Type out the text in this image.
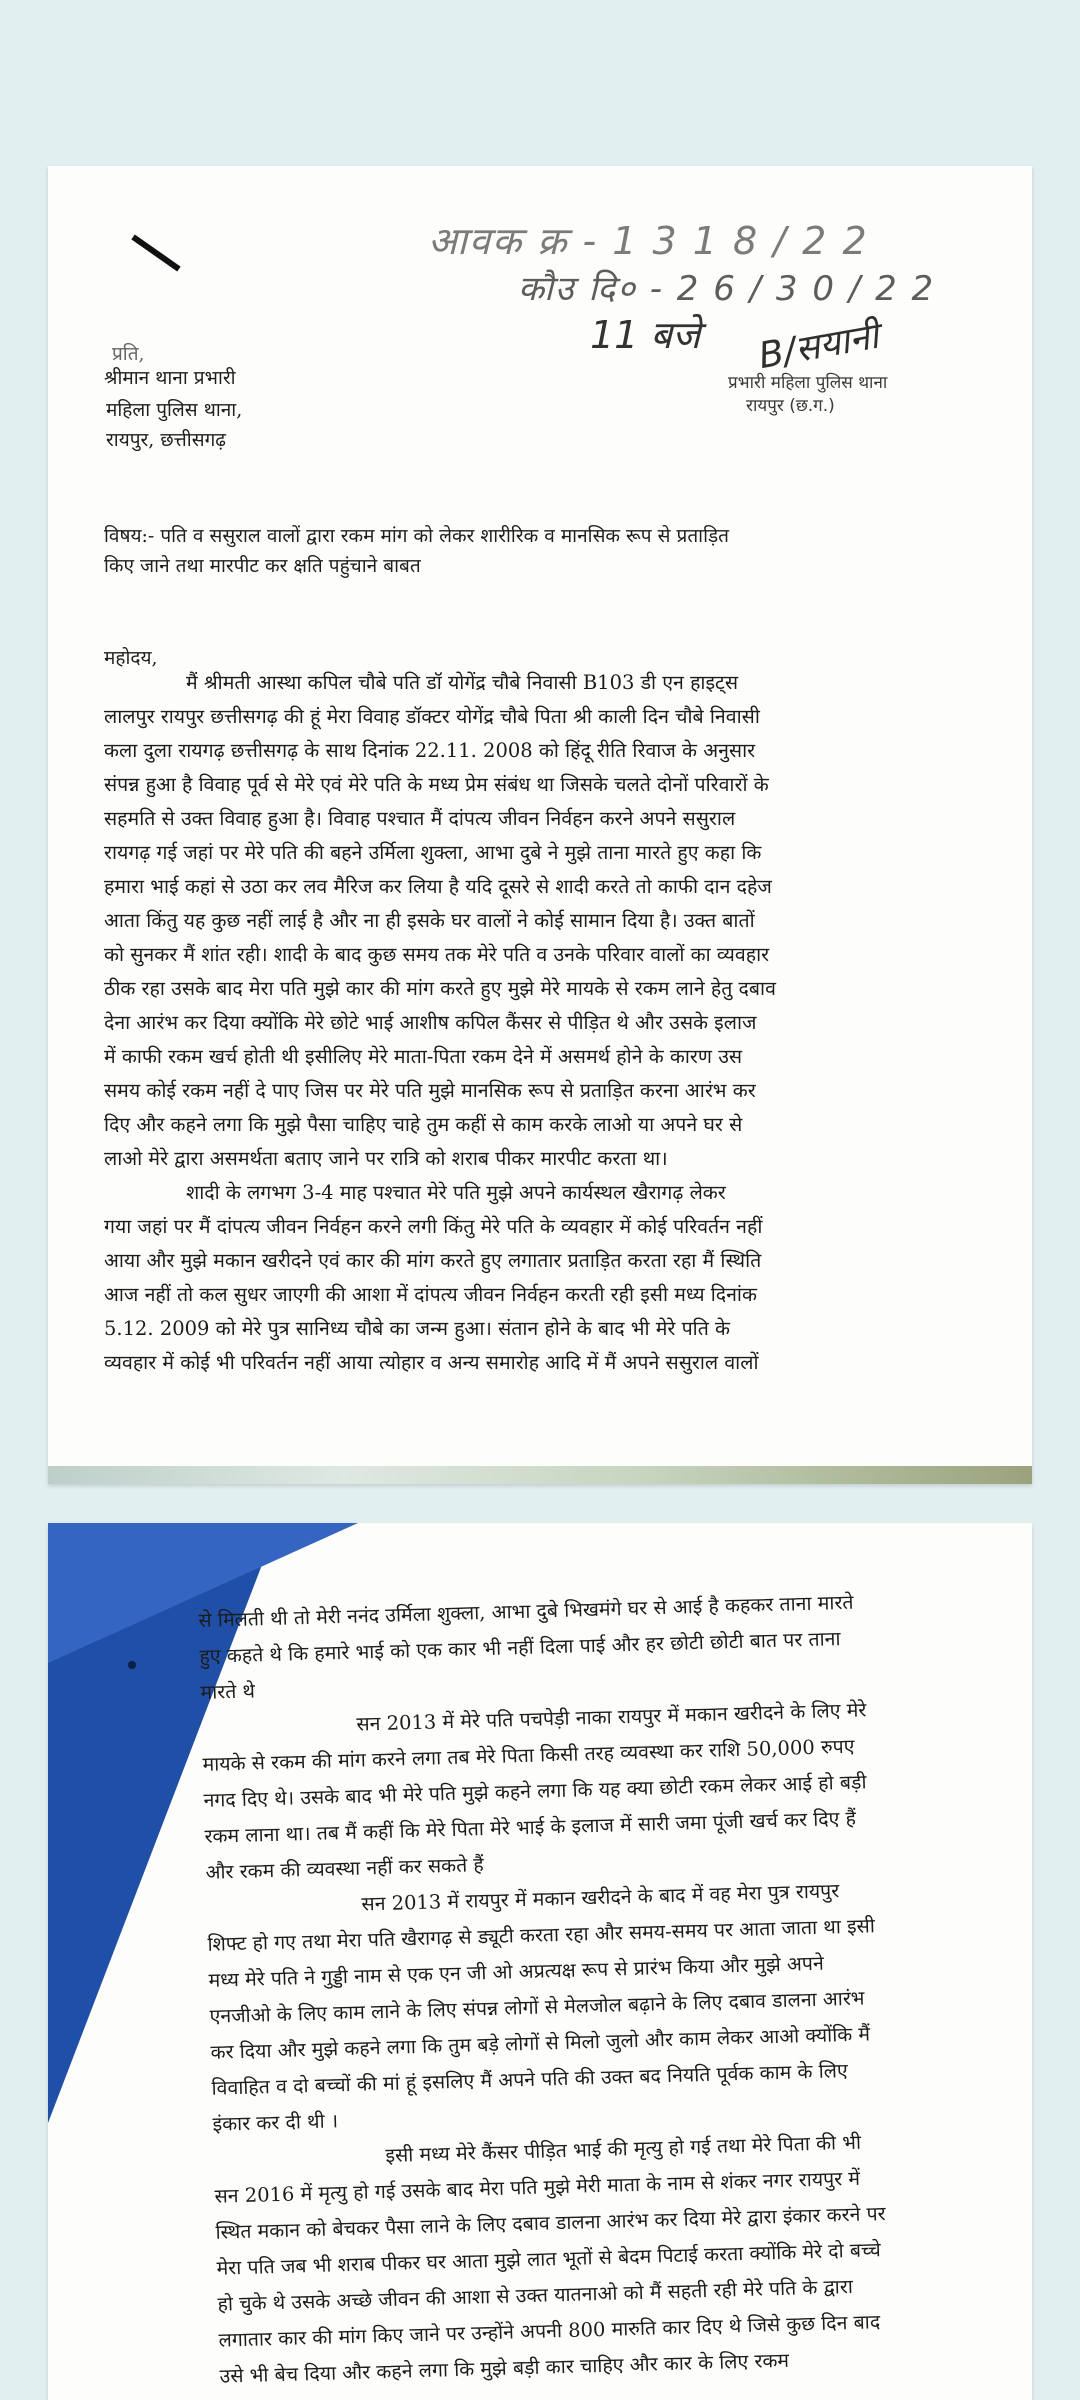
आवक क्र - 1 3 1 8 / 2 2
कौउ दि० - 2 6 / 3 0 / 2 2
11 बजे B/सयानी
प्रभारी महिला पुलिस थाना
रायपुर (छ.ग.)
प्रति,
श्रीमान थाना प्रभारी
महिला पुलिस थाना,
रायपुर, छत्तीसगढ़
विषय:- पति व ससुराल वालों द्वारा रकम मांग को लेकर शारीरिक व मानसिक रूप से प्रताड़ित
किए जाने तथा मारपीट कर क्षति पहुंचाने बाबत
महोदय,
मैं श्रीमती आस्था कपिल चौबे पति डॉ योगेंद्र चौबे निवासी B103 डी एन हाइट्स
लालपुर रायपुर छत्तीसगढ़ की हूं मेरा विवाह डॉक्टर योगेंद्र चौबे पिता श्री काली दिन चौबे निवासी
कला दुला रायगढ़ छत्तीसगढ़ के साथ दिनांक 22.11. 2008 को हिंदू रीति रिवाज के अनुसार
संपन्न हुआ है विवाह पूर्व से मेरे एवं मेरे पति के मध्य प्रेम संबंध था जिसके चलते दोनों परिवारों के
सहमति से उक्त विवाह हुआ है। विवाह पश्चात मैं दांपत्य जीवन निर्वहन करने अपने ससुराल
रायगढ़ गई जहां पर मेरे पति की बहने उर्मिला शुक्ला, आभा दुबे ने मुझे ताना मारते हुए कहा कि
हमारा भाई कहां से उठा कर लव मैरिज कर लिया है यदि दूसरे से शादी करते तो काफी दान दहेज
आता किंतु यह कुछ नहीं लाई है और ना ही इसके घर वालों ने कोई सामान दिया है। उक्त बातों
को सुनकर मैं शांत रही। शादी के बाद कुछ समय तक मेरे पति व उनके परिवार वालों का व्यवहार
ठीक रहा उसके बाद मेरा पति मुझे कार की मांग करते हुए मुझे मेरे मायके से रकम लाने हेतु दबाव
देना आरंभ कर दिया क्योंकि मेरे छोटे भाई आशीष कपिल कैंसर से पीड़ित थे और उसके इलाज
में काफी रकम खर्च होती थी इसीलिए मेरे माता-पिता रकम देने में असमर्थ होने के कारण उस
समय कोई रकम नहीं दे पाए जिस पर मेरे पति मुझे मानसिक रूप से प्रताड़ित करना आरंभ कर
दिए और कहने लगा कि मुझे पैसा चाहिए चाहे तुम कहीं से काम करके लाओ या अपने घर से
लाओ मेरे द्वारा असमर्थता बताए जाने पर रात्रि को शराब पीकर मारपीट करता था।
शादी के लगभग 3-4 माह पश्चात मेरे पति मुझे अपने कार्यस्थल खैरागढ़ लेकर
गया जहां पर मैं दांपत्य जीवन निर्वहन करने लगी किंतु मेरे पति के व्यवहार में कोई परिवर्तन नहीं
आया और मुझे मकान खरीदने एवं कार की मांग करते हुए लगातार प्रताड़ित करता रहा मैं स्थिति
आज नहीं तो कल सुधर जाएगी की आशा में दांपत्य जीवन निर्वहन करती रही इसी मध्य दिनांक
5.12. 2009 को मेरे पुत्र सानिध्य चौबे का जन्म हुआ। संतान होने के बाद भी मेरे पति के
व्यवहार में कोई भी परिवर्तन नहीं आया त्योहार व अन्य समारोह आदि में मैं अपने ससुराल वालों
से मिलती थी तो मेरी ननंद उर्मिला शुक्ला, आभा दुबे भिखमंगे घर से आई है कहकर ताना मारते
हुए कहते थे कि हमारे भाई को एक कार भी नहीं दिला पाई और हर छोटी छोटी बात पर ताना
मारते थे
सन 2013 में मेरे पति पचपेड़ी नाका रायपुर में मकान खरीदने के लिए मेरे
मायके से रकम की मांग करने लगा तब मेरे पिता किसी तरह व्यवस्था कर राशि 50,000 रुपए
नगद दिए थे। उसके बाद भी मेरे पति मुझे कहने लगा कि यह क्या छोटी रकम लेकर आई हो बड़ी
रकम लाना था। तब मैं कहीं कि मेरे पिता मेरे भाई के इलाज में सारी जमा पूंजी खर्च कर दिए हैं
और रकम की व्यवस्था नहीं कर सकते हैं
सन 2013 में रायपुर में मकान खरीदने के बाद में वह मेरा पुत्र रायपुर
शिफ्ट हो गए तथा मेरा पति खैरागढ़ से ड्यूटी करता रहा और समय-समय पर आता जाता था इसी
मध्य मेरे पति ने गुड्डी नाम से एक एन जी ओ अप्रत्यक्ष रूप से प्रारंभ किया और मुझे अपने
एनजीओ के लिए काम लाने के लिए संपन्न लोगों से मेलजोल बढ़ाने के लिए दबाव डालना आरंभ
कर दिया और मुझे कहने लगा कि तुम बड़े लोगों से मिलो जुलो और काम लेकर आओ क्योंकि मैं
विवाहित व दो बच्चों की मां हूं इसलिए मैं अपने पति की उक्त बद नियति पूर्वक काम के लिए
इंकार कर दी थी ।
इसी मध्य मेरे कैंसर पीड़ित भाई की मृत्यु हो गई तथा मेरे पिता की भी
सन 2016 में मृत्यु हो गई उसके बाद मेरा पति मुझे मेरी माता के नाम से शंकर नगर रायपुर में
स्थित मकान को बेचकर पैसा लाने के लिए दबाव डालना आरंभ कर दिया मेरे द्वारा इंकार करने पर
मेरा पति जब भी शराब पीकर घर आता मुझे लात भूतों से बेदम पिटाई करता क्योंकि मेरे दो बच्चे
हो चुके थे उसके अच्छे जीवन की आशा से उक्त यातनाओ को मैं सहती रही मेरे पति के द्वारा
लगातार कार की मांग किए जाने पर उन्होंने अपनी 800 मारुति कार दिए थे जिसे कुछ दिन बाद
उसे भी बेच दिया और कहने लगा कि मुझे बड़ी कार चाहिए और कार के लिए रकम
